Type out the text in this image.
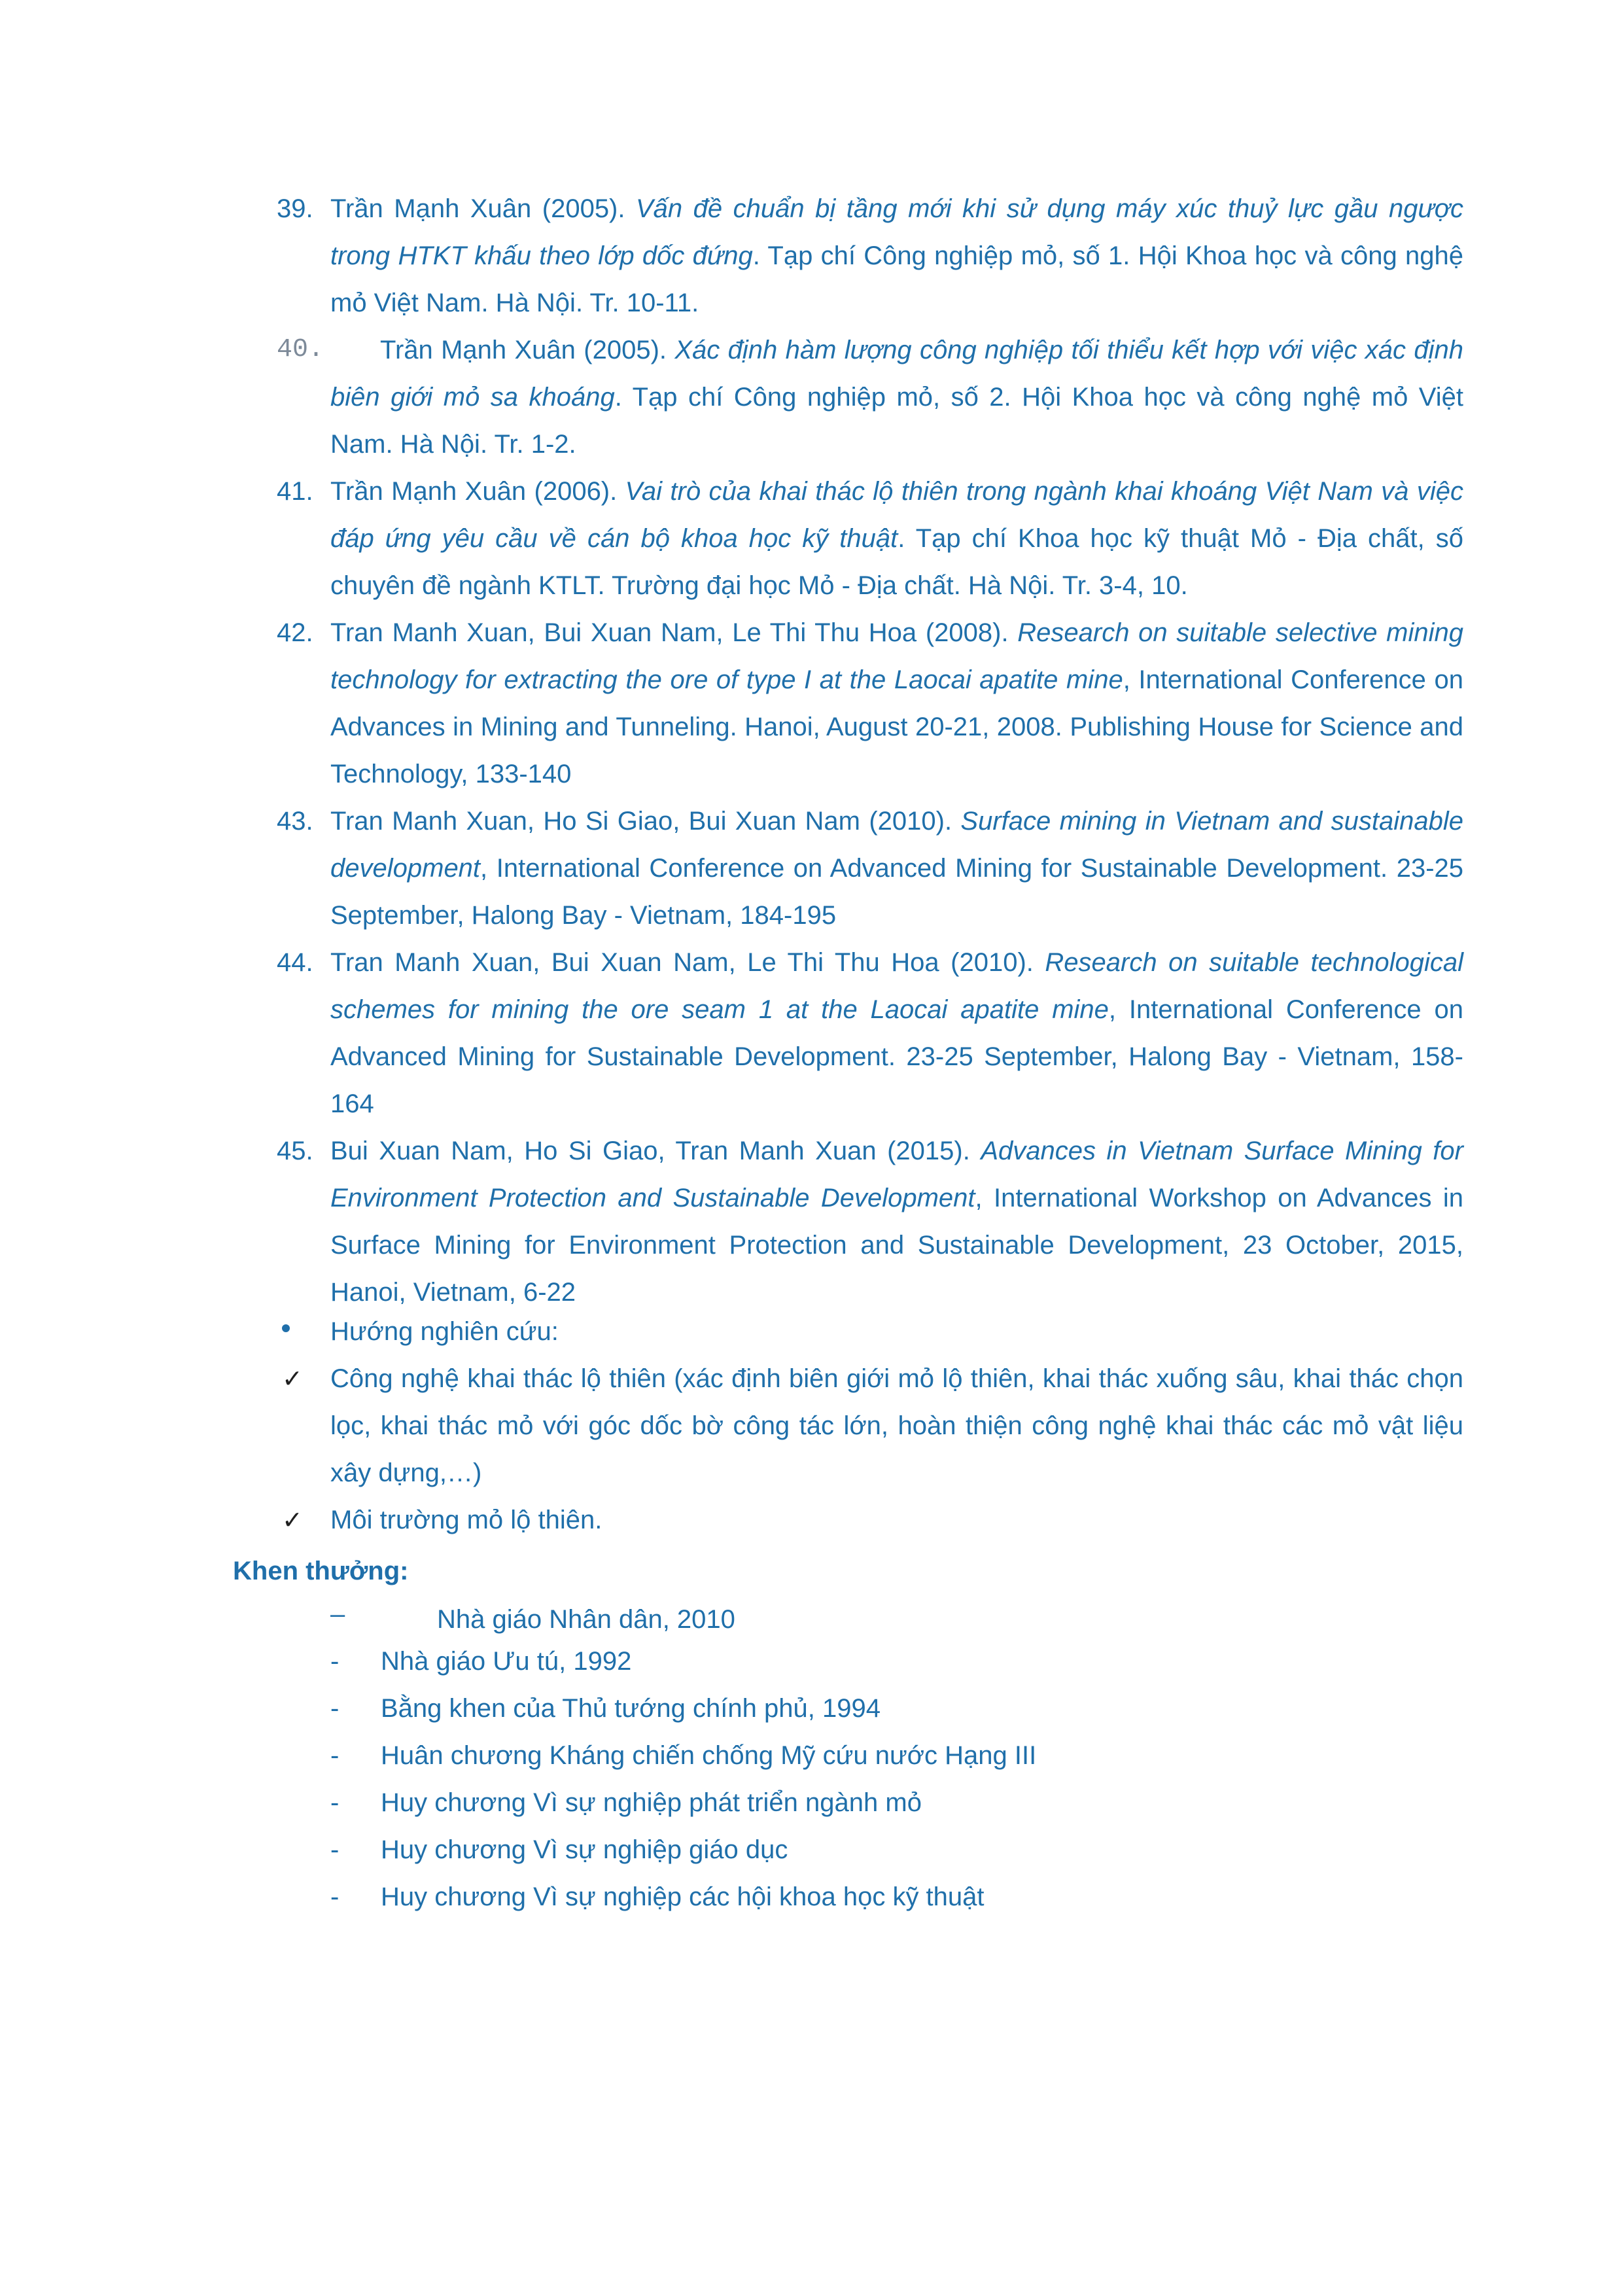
39. Trần Mạnh Xuân (2005). Vấn đề chuẩn bị tầng mới khi sử dụng máy xúc thuỷ lực gầu ngược trong HTKT khấu theo lớp dốc đứng. Tạp chí Công nghiệp mỏ, số 1. Hội Khoa học và công nghệ mỏ Việt Nam. Hà Nội. Tr. 10-11.
40. Trần Mạnh Xuân (2005). Xác định hàm lượng công nghiệp tối thiểu kết hợp với việc xác định biên giới mỏ sa khoáng. Tạp chí Công nghiệp mỏ, số 2. Hội Khoa học và công nghệ mỏ Việt Nam. Hà Nội. Tr. 1-2.
41. Trần Mạnh Xuân (2006). Vai trò của khai thác lộ thiên trong ngành khai khoáng Việt Nam và việc đáp ứng yêu cầu về cán bộ khoa học kỹ thuật. Tạp chí Khoa học kỹ thuật Mỏ - Địa chất, số chuyên đề ngành KTLT. Trường đại học Mỏ - Địa chất. Hà Nội. Tr. 3-4, 10.
42. Tran Manh Xuan, Bui Xuan Nam, Le Thi Thu Hoa (2008). Research on suitable selective mining technology for extracting the ore of type I at the Laocai apatite mine, International Conference on Advances in Mining and Tunneling. Hanoi, August 20-21, 2008. Publishing House for Science and Technology, 133-140
43. Tran Manh Xuan, Ho Si Giao, Bui Xuan Nam (2010). Surface mining in Vietnam and sustainable development, International Conference on Advanced Mining for Sustainable Development. 23-25 September, Halong Bay - Vietnam, 184-195
44. Tran Manh Xuan, Bui Xuan Nam, Le Thi Thu Hoa (2010). Research on suitable technological schemes for mining the ore seam 1 at the Laocai apatite mine, International Conference on Advanced Mining for Sustainable Development. 23-25 September, Halong Bay - Vietnam, 158-164
45. Bui Xuan Nam, Ho Si Giao, Tran Manh Xuan (2015). Advances in Vietnam Surface Mining for Environment Protection and Sustainable Development, International Workshop on Advances in Surface Mining for Environment Protection and Sustainable Development, 23 October, 2015, Hanoi, Vietnam, 6-22
Hướng nghiên cứu:
✓ Công nghệ khai thác lộ thiên (xác định biên giới mỏ lộ thiên, khai thác xuống sâu, khai thác chọn lọc, khai thác mỏ với góc dốc bờ công tác lớn, hoàn thiện công nghệ khai thác các mỏ vật liệu xây dựng,…)
✓ Môi trường mỏ lộ thiên.
Khen thưởng:
–	Nhà giáo Nhân dân, 2010
- Nhà giáo Ưu tú, 1992
- Bằng khen của Thủ tướng chính phủ, 1994
- Huân chương Kháng chiến chống Mỹ cứu nước Hạng III
- Huy chương Vì sự nghiệp phát triển ngành mỏ
- Huy chương Vì sự nghiệp giáo dục
- Huy chương Vì sự nghiệp các hội khoa học kỹ thuật
